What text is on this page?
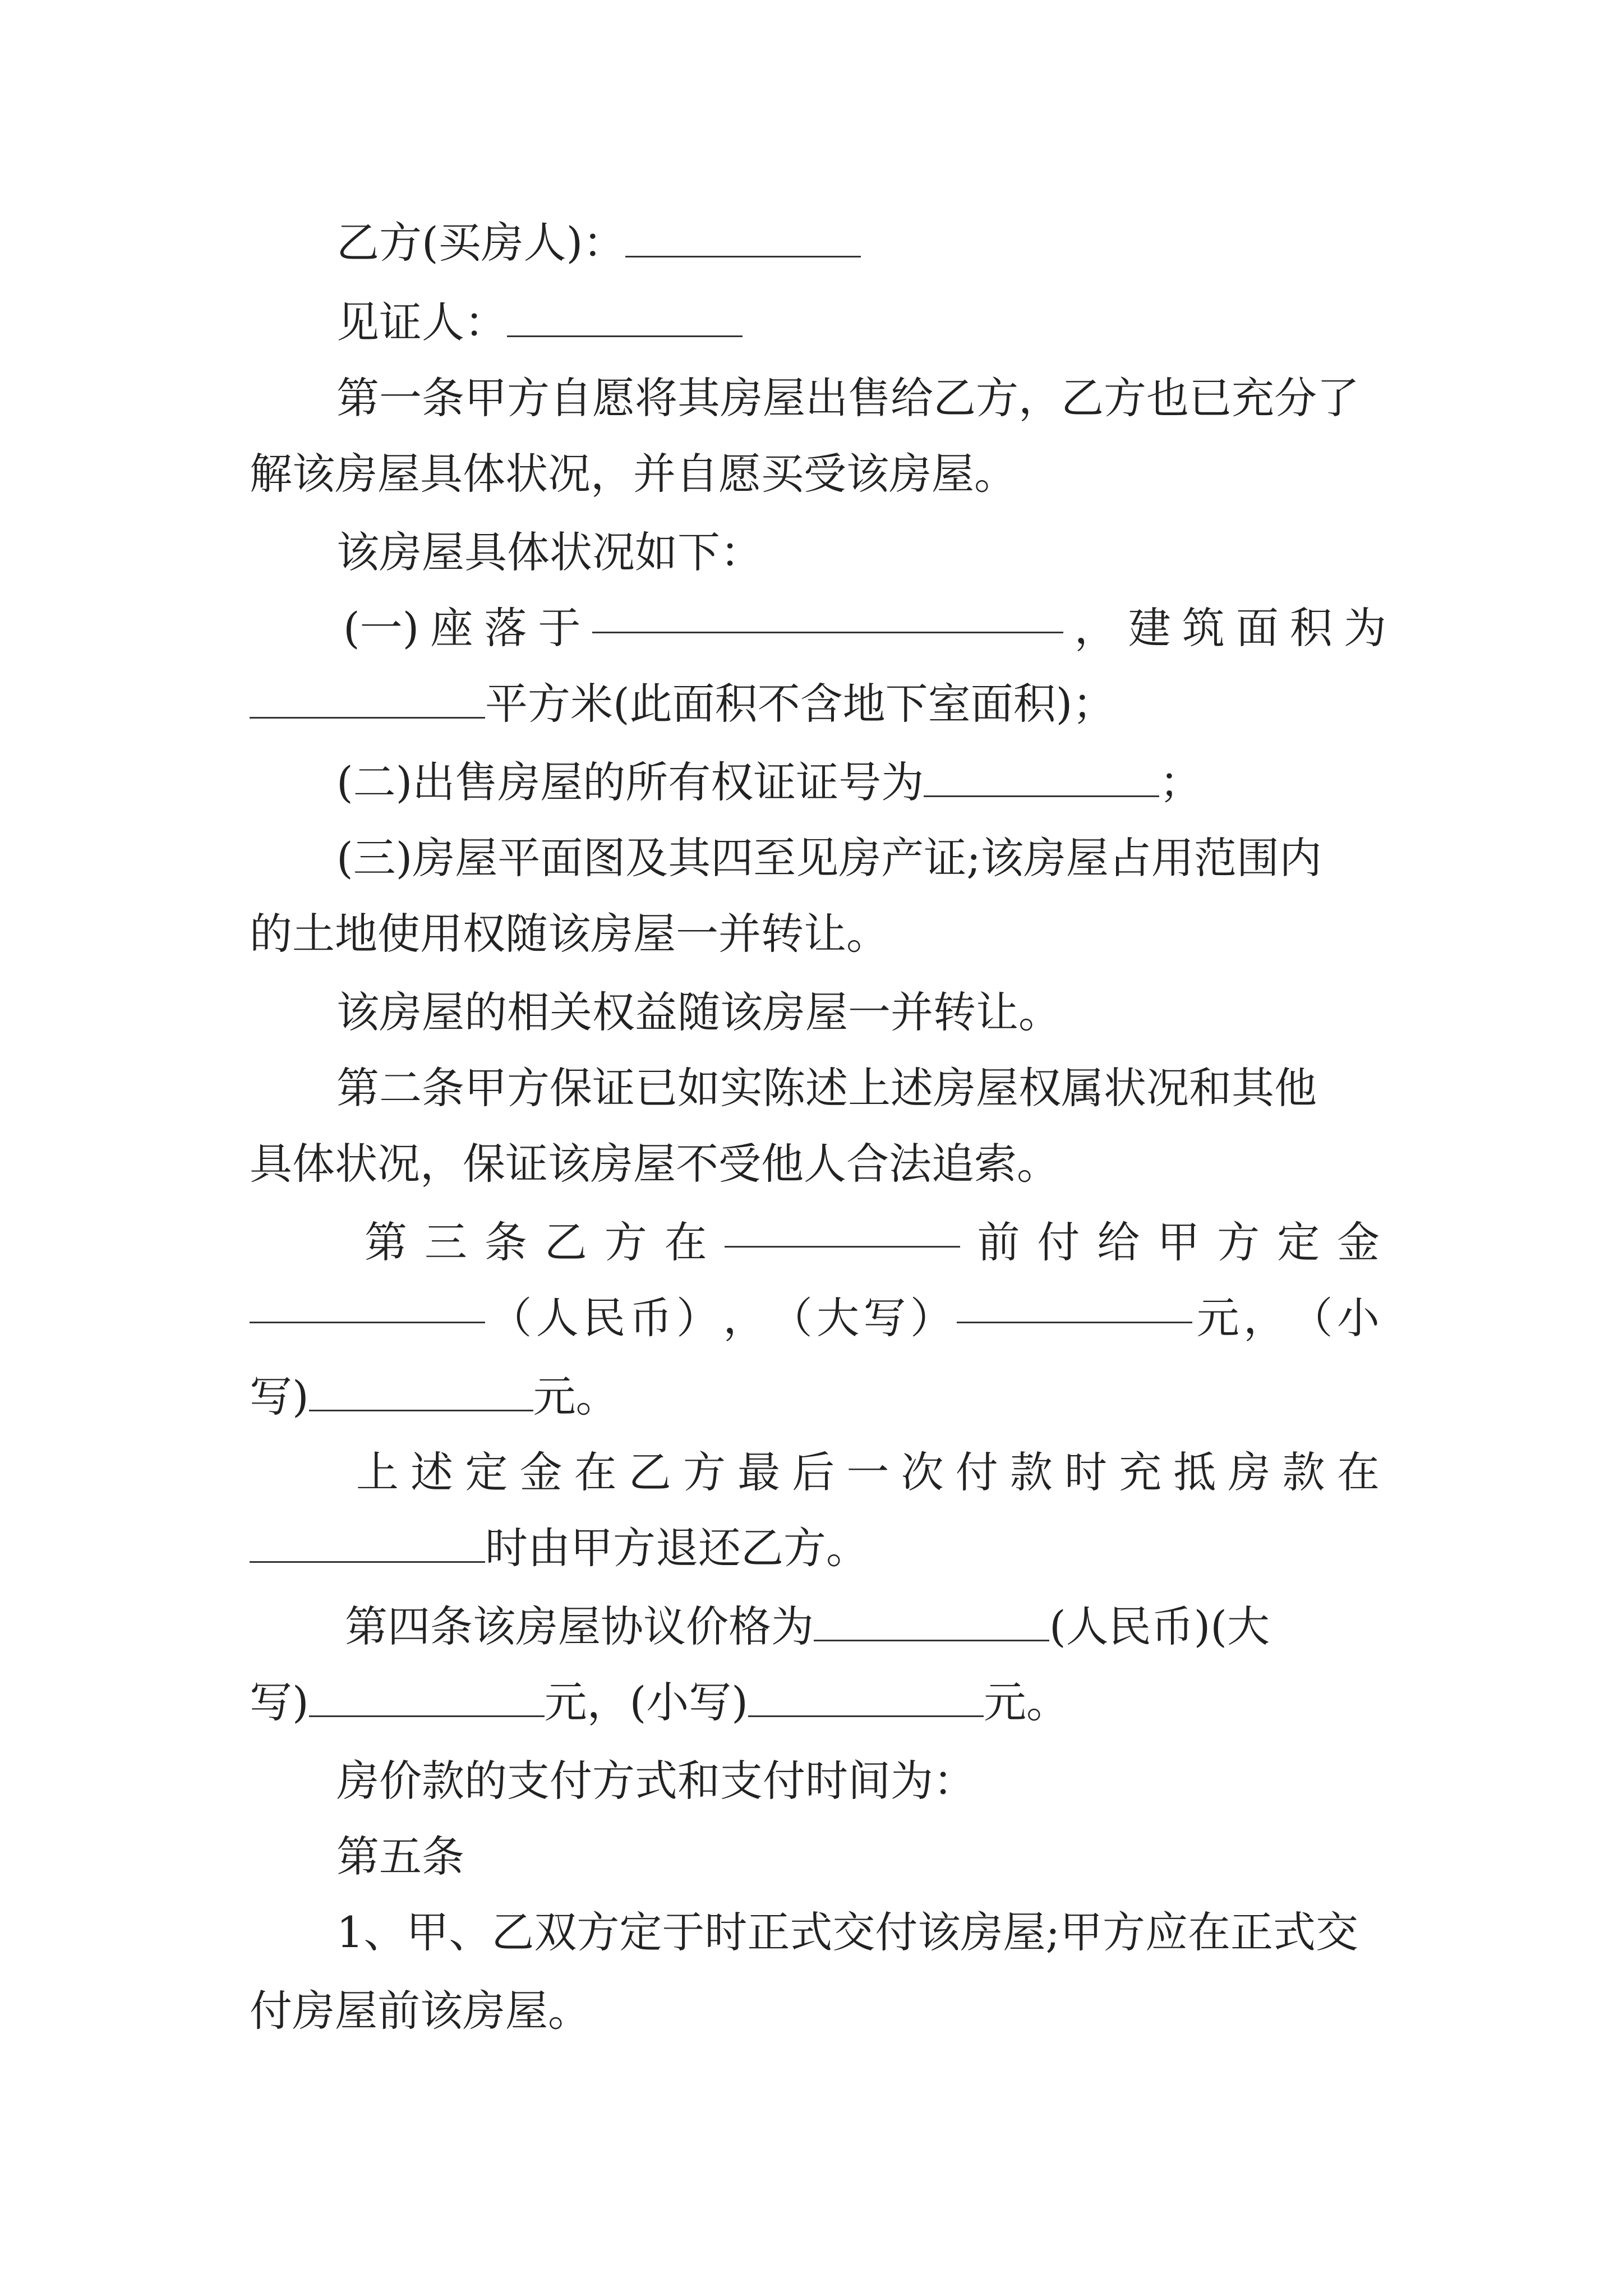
乙方(买房人)：
见证人：
第一条甲方自愿将其房屋出售给乙方，乙方也已充分了
解该房屋具体状况，并自愿买受该房屋。
该房屋具体状况如下：
(一) 座 落 于	， 建 筑 面 积 为
平方米(此面积不含地下室面积)；
(二)出售房屋的所有权证证号为	；
(三)房屋平面图及其四至见房产证;该房屋占用范围内
的土地使用权随该房屋一并转让。
该房屋的相关权益随该房屋一并转让。
第二条甲方保证已如实陈述上述房屋权属状况和其他
具体状况，保证该房屋不受他人合法追索。
第 三 条 乙 方 在	前 付 给 甲 方 定 金
（ 人 民 币 ） ， （ 大 写 ）	元 ， （ 小
写)	元。
上 述 定 金 在 乙 方 最 后 一 次 付 款 时 充 抵 房 款 在
时由甲方退还乙方。
第四条该房屋协议价格为	(人民币)(大
写)	元，(小写)	元。
房价款的支付方式和支付时间为：
第五条
1、甲、乙双方定于时正式交付该房屋;甲方应在正式交
付房屋前该房屋。
